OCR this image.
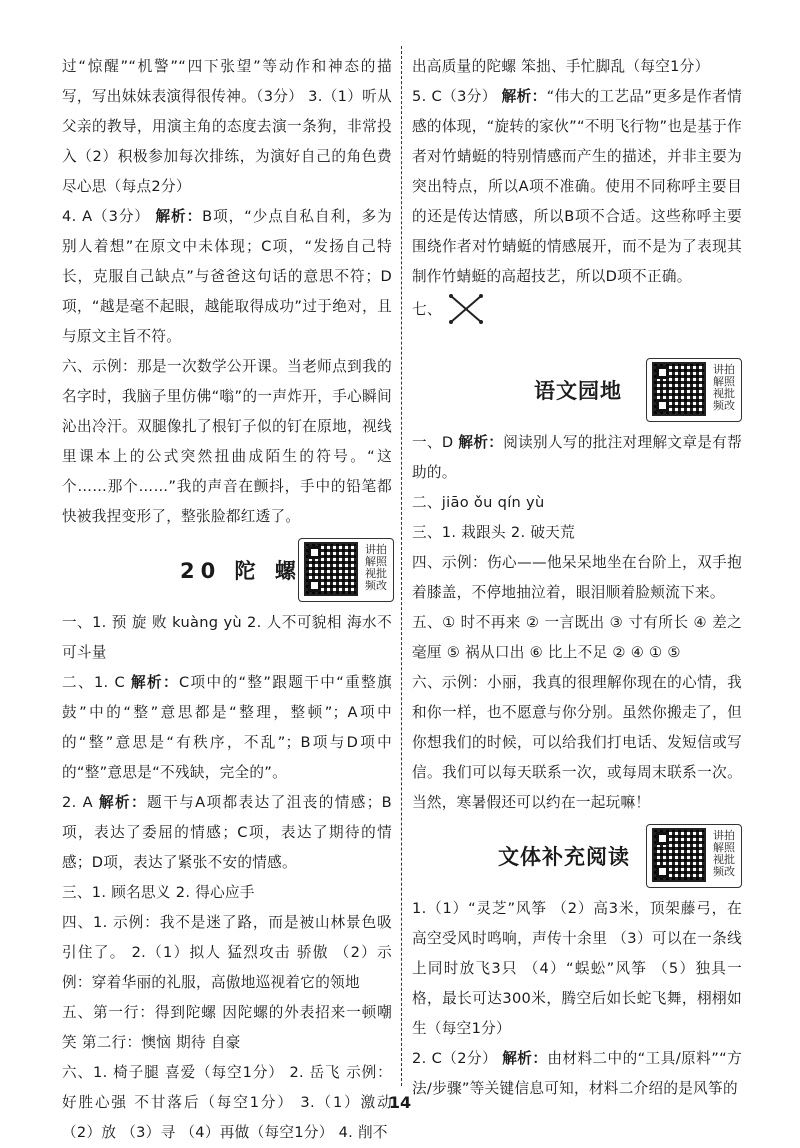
过“惊醒”“机警”“四下张望”等动作和神态的描写，写出妹妹表演得很传神。（3分） 3.（1）听从父亲的教导，用演主角的态度去演一条狗，非常投入（2）积极参加每次排练，为演好自己的角色费尽心思（每点2分）

4. A（3分） 解析：B项，“少点自私自利，多为别人着想”在原文中未体现；C项，“发扬自己特长，克服自己缺点”与爸爸这句话的意思不符；D项，“越是毫不起眼，越能取得成功”过于绝对，且与原文主旨不符。

六、示例：那是一次数学公开课。当老师点到我的名字时，我脑子里仿佛“嗡”的一声炸开，手心瞬间沁出冷汗。双腿像扎了根钉子似的钉在原地，视线里课本上的公式突然扭曲成陌生的符号。“这个……那个……”我的声音在颤抖，手中的铅笔都快被我捏变形了，整张脸都红透了。

20 陀 螺
讲拍解照视批频改

一、1. 预 旋 败 kuàng yù 2. 人不可貌相 海水不可斗量

二、1. C 解析：C项中的“整”跟题干中“重整旗鼓”中的“整”意思都是“整理，整顿”；A项中的“整”意思是“有秩序，不乱”；B项与D项中的“整”意思是“不残缺，完全的”。

2. A 解析：题干与A项都表达了沮丧的情感；B项，表达了委屈的情感；C项，表达了期待的情感；D项，表达了紧张不安的情感。

三、1. 顾名思义 2. 得心应手

四、1. 示例：我不是迷了路，而是被山林景色吸引住了。 2.（1）拟人 猛烈攻击 骄傲 （2）示例：穿着华丽的礼服，高傲地巡视着它的领地

五、第一行：得到陀螺 因陀螺的外表招来一顿嘲笑 第二行：懊恼 期待 自豪

六、1. 椅子腿 喜爱（每空1分） 2. 岳飞 示例：好胜心强 不甘落后（每空1分） 3.（1）激动 （2）放 （3）寻 （4）再做（每空1分） 4. 削不

出高质量的陀螺 笨拙、手忙脚乱（每空1分）

5. C（3分） 解析：“伟大的工艺品”更多是作者情感的体现，“旋转的家伙”“不明飞行物”也是基于作者对竹蜻蜓的特别情感而产生的描述，并非主要为突出特点，所以A项不准确。使用不同称呼主要目的还是传达情感，所以B项不合适。这些称呼主要围绕作者对竹蜻蜓的情感展开，而不是为了表现其制作竹蜻蜓的高超技艺，所以D项不正确。

七、

语文园地
讲拍解照视批频改

一、D 解析：阅读别人写的批注对理解文章是有帮助的。

二、jiāo ǒu qín yù

三、1. 栽跟头 2. 破天荒

四、示例：伤心——他呆呆地坐在台阶上，双手抱着膝盖，不停地抽泣着，眼泪顺着脸颊流下来。

五、① 时不再来 ② 一言既出 ③ 寸有所长 ④ 差之毫厘 ⑤ 祸从口出 ⑥ 比上不足 ② ④ ① ⑤

六、示例：小丽，我真的很理解你现在的心情，我和你一样，也不愿意与你分别。虽然你搬走了，但你想我们的时候，可以给我们打电话、发短信或写信。我们可以每天联系一次，或每周末联系一次。当然，寒暑假还可以约在一起玩嘛！

文体补充阅读
讲拍解照视批频改

1.（1）“灵芝”风筝 （2）高3米，顶架藤弓，在高空受风时鸣响，声传十余里 （3）可以在一条线上同时放飞3只 （4）“蜈蚣”风筝 （5）独具一格，最长可达300米，腾空后如长蛇飞舞，栩栩如生（每空1分）

2. C（2分） 解析：由材料二中的“工具/原料”“方法/步骤”等关键信息可知，材料二介绍的是风筝的

14
